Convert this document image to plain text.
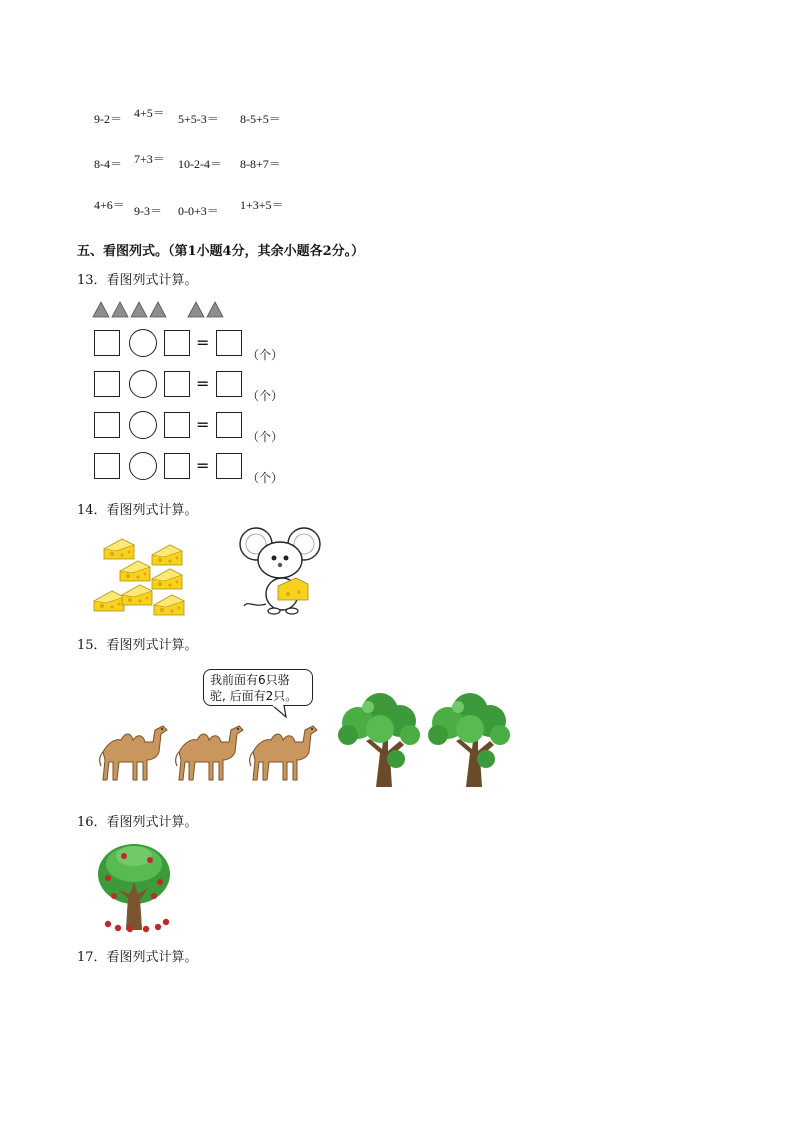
9-2＝ 4+5＝ 5+5-3＝ 8-5+5＝
8-4＝ 7+3＝ 10-2-4＝ 8-8+7＝
4+6＝ 9-3＝ 0-0+3＝ 1+3+5＝
五、看图列式。（第1小题4分，其余小题各2分。）
13．看图列式计算。
=
（个）
=
（个）
=
（个）
=
（个）
14．看图列式计算。
15．看图列式计算。
我前面有6只骆
驼, 后面有2只。
16．看图列式计算。
17．看图列式计算。
